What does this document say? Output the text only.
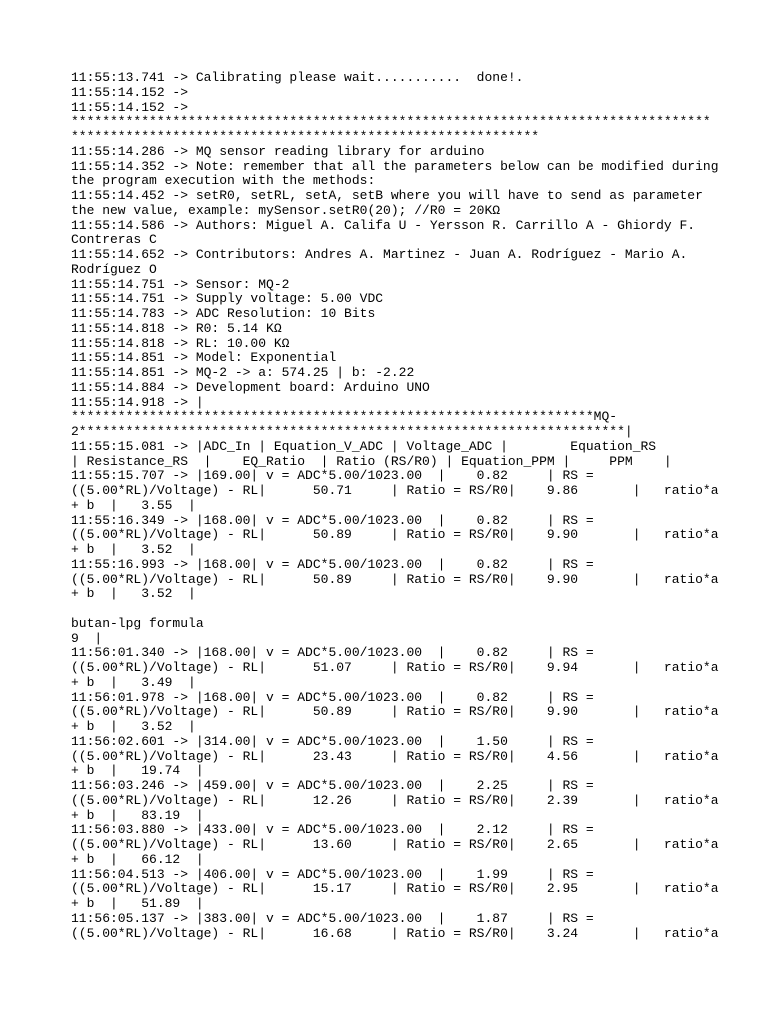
11:55:13.741 -> Calibrating please wait...........  done!.
11:55:14.152 ->
11:55:14.152 ->
**********************************************************************************
************************************************************
11:55:14.286 -> MQ sensor reading library for arduino
11:55:14.352 -> Note: remember that all the parameters below can be modified during
the program execution with the methods:
11:55:14.452 -> setR0, setRL, setA, setB where you will have to send as parameter
the new value, example: mySensor.setR0(20); //R0 = 20KΩ
11:55:14.586 -> Authors: Miguel A. Califa U - Yersson R. Carrillo A - Ghiordy F.
Contreras C
11:55:14.652 -> Contributors: Andres A. Martinez - Juan A. Rodríguez - Mario A.
Rodríguez O
11:55:14.751 -> Sensor: MQ-2
11:55:14.751 -> Supply voltage: 5.00 VDC
11:55:14.783 -> ADC Resolution: 10 Bits
11:55:14.818 -> R0: 5.14 KΩ
11:55:14.818 -> RL: 10.00 KΩ
11:55:14.851 -> Model: Exponential
11:55:14.851 -> MQ-2 -> a: 574.25 | b: -2.22
11:55:14.884 -> Development board: Arduino UNO
11:55:14.918 -> |
*******************************************************************MQ-
2**********************************************************************|
11:55:15.081 -> |ADC_In | Equation_V_ADC | Voltage_ADC |        Equation_RS
| Resistance_RS  |    EQ_Ratio  | Ratio (RS/R0) | Equation_PPM |     PPM    |
11:55:15.707 -> |169.00| v = ADC*5.00/1023.00  |    0.82     | RS =
((5.00*RL)/Voltage) - RL|      50.71     | Ratio = RS/R0|    9.86       |   ratio*a
+ b  |   3.55  |
11:55:16.349 -> |168.00| v = ADC*5.00/1023.00  |    0.82     | RS =
((5.00*RL)/Voltage) - RL|      50.89     | Ratio = RS/R0|    9.90       |   ratio*a
+ b  |   3.52  |
11:55:16.993 -> |168.00| v = ADC*5.00/1023.00  |    0.82     | RS =
((5.00*RL)/Voltage) - RL|      50.89     | Ratio = RS/R0|    9.90       |   ratio*a
+ b  |   3.52  |
butan-lpg formula
9  |
11:56:01.340 -> |168.00| v = ADC*5.00/1023.00  |    0.82     | RS =
((5.00*RL)/Voltage) - RL|      51.07     | Ratio = RS/R0|    9.94       |   ratio*a
+ b  |   3.49  |
11:56:01.978 -> |168.00| v = ADC*5.00/1023.00  |    0.82     | RS =
((5.00*RL)/Voltage) - RL|      50.89     | Ratio = RS/R0|    9.90       |   ratio*a
+ b  |   3.52  |
11:56:02.601 -> |314.00| v = ADC*5.00/1023.00  |    1.50     | RS =
((5.00*RL)/Voltage) - RL|      23.43     | Ratio = RS/R0|    4.56       |   ratio*a
+ b  |   19.74  |
11:56:03.246 -> |459.00| v = ADC*5.00/1023.00  |    2.25     | RS =
((5.00*RL)/Voltage) - RL|      12.26     | Ratio = RS/R0|    2.39       |   ratio*a
+ b  |   83.19  |
11:56:03.880 -> |433.00| v = ADC*5.00/1023.00  |    2.12     | RS =
((5.00*RL)/Voltage) - RL|      13.60     | Ratio = RS/R0|    2.65       |   ratio*a
+ b  |   66.12  |
11:56:04.513 -> |406.00| v = ADC*5.00/1023.00  |    1.99     | RS =
((5.00*RL)/Voltage) - RL|      15.17     | Ratio = RS/R0|    2.95       |   ratio*a
+ b  |   51.89  |
11:56:05.137 -> |383.00| v = ADC*5.00/1023.00  |    1.87     | RS =
((5.00*RL)/Voltage) - RL|      16.68     | Ratio = RS/R0|    3.24       |   ratio*a
